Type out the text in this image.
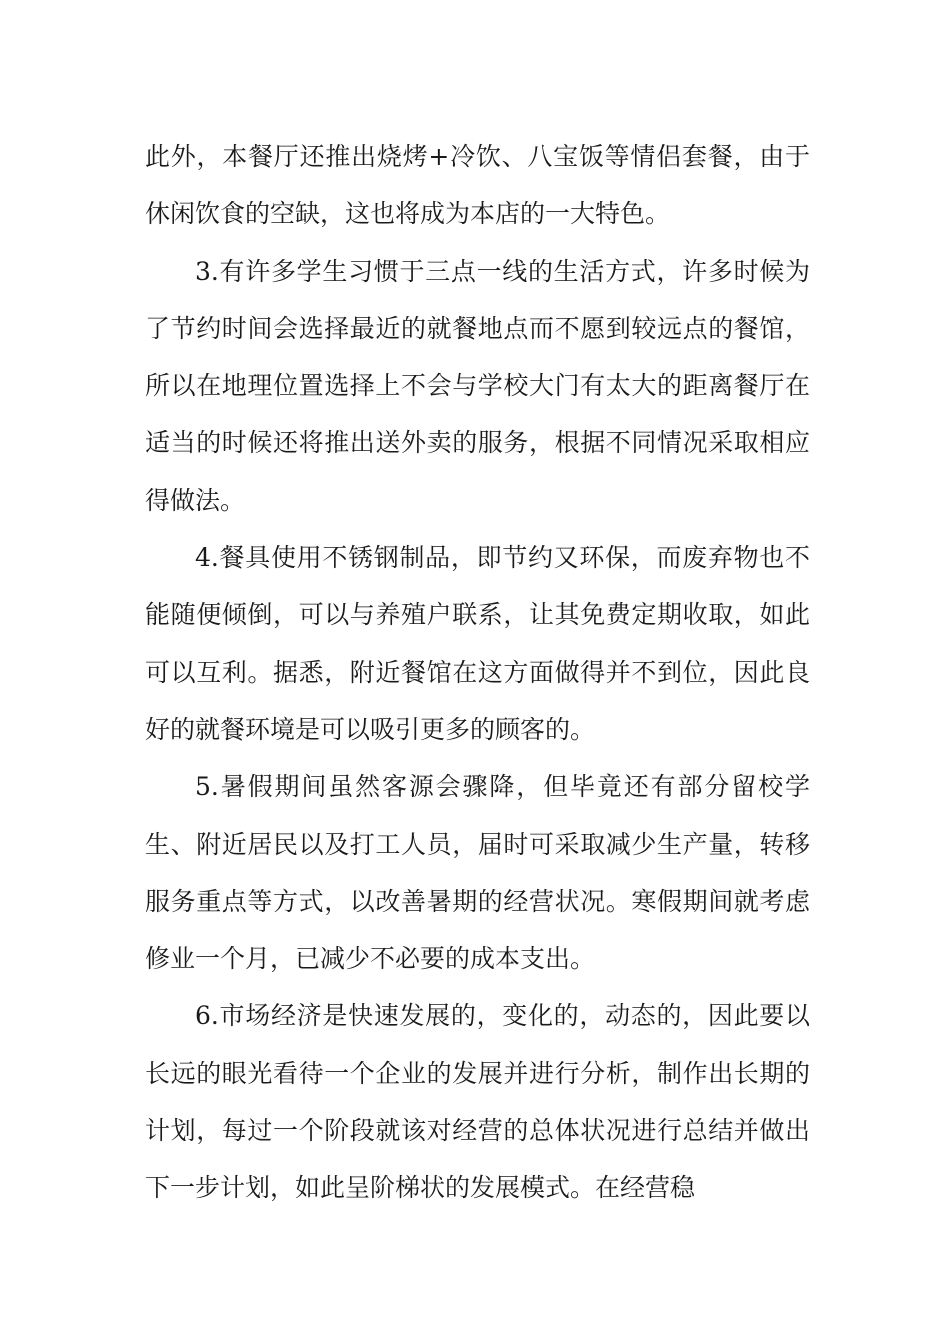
此外，本餐厅还推出烧烤+冷饮、八宝饭等情侣套餐，由于休闲饮食的空缺，这也将成为本店的一大特色。

3.有许多学生习惯于三点一线的生活方式，许多时候为了节约时间会选择最近的就餐地点而不愿到较远点的餐馆，所以在地理位置选择上不会与学校大门有太大的距离餐厅在适当的时候还将推出送外卖的服务，根据不同情况采取相应得做法。

4.餐具使用不锈钢制品，即节约又环保，而废弃物也不能随便倾倒，可以与养殖户联系，让其免费定期收取，如此可以互利。据悉，附近餐馆在这方面做得并不到位，因此良好的就餐环境是可以吸引更多的顾客的。

5.暑假期间虽然客源会骤降，但毕竟还有部分留校学生、附近居民以及打工人员，届时可采取减少生产量，转移服务重点等方式，以改善暑期的经营状况。寒假期间就考虑修业一个月，已减少不必要的成本支出。

6.市场经济是快速发展的，变化的，动态的，因此要以长远的眼光看待一个企业的发展并进行分析，制作出长期的计划，每过一个阶段就该对经营的总体状况进行总结并做出下一步计划，如此呈阶梯状的发展模式。在经营稳
